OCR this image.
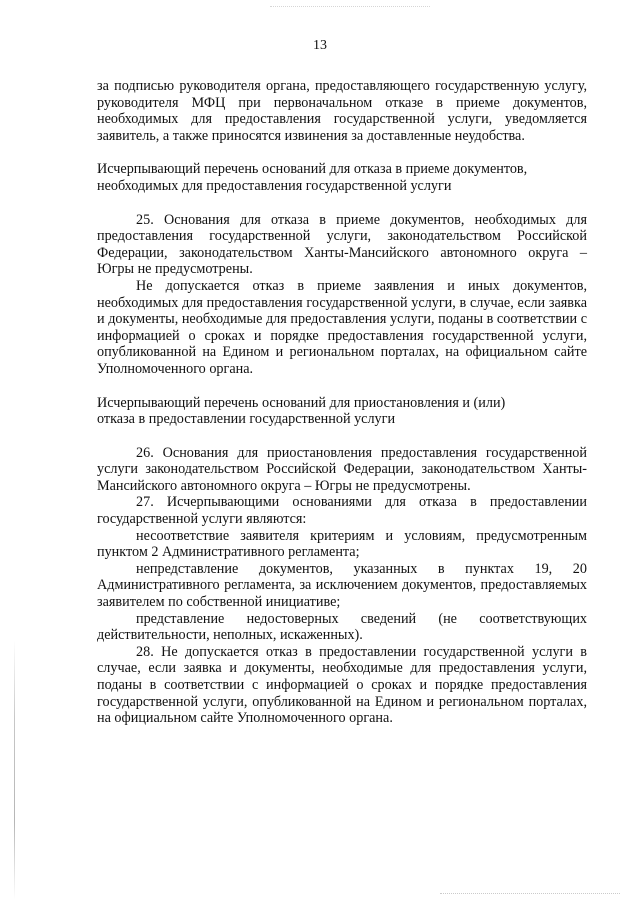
13

за подписью руководителя органа, предоставляющего государственную услугу, руководителя МФЦ при первоначальном отказе в приеме документов, необходимых для предоставления государственной услуги, уведомляется заявитель, а также приносятся извинения за доставленные неудобства.

Исчерпывающий перечень оснований для отказа в приеме документов,

необходимых для предоставления государственной услуги

25. Основания для отказа в приеме документов, необходимых для предоставления государственной услуги, законодательством Российской Федерации, законодательством Ханты-Мансийского автономного округа – Югры не предусмотрены.

Не допускается отказ в приеме заявления и иных документов, необходимых для предоставления государственной услуги, в случае, если заявка и документы, необходимые для предоставления услуги, поданы в соответствии с информацией о сроках и порядке предоставления государственной услуги, опубликованной на Едином и региональном порталах, на официальном сайте Уполномоченного органа.

Исчерпывающий перечень оснований для приостановления и (или)

отказа в предоставлении государственной услуги

26. Основания для приостановления предоставления государственной услуги законодательством Российской Федерации, законодательством Ханты-Мансийского автономного округа – Югры не предусмотрены.

27. Исчерпывающими основаниями для отказа в предоставлении государственной услуги являются:

несоответствие заявителя критериям и условиям, предусмотренным пунктом 2 Административного регламента;

непредставление документов, указанных в пунктах 19, 20 Административного регламента, за исключением документов, предоставляемых заявителем по собственной инициативе;

представление недостоверных сведений (не соответствующих действительности, неполных, искаженных).

28. Не допускается отказ в предоставлении государственной услуги в случае, если заявка и документы, необходимые для предоставления услуги, поданы в соответствии с информацией о сроках и порядке предоставления государственной услуги, опубликованной на Едином и региональном порталах, на официальном сайте Уполномоченного органа.
